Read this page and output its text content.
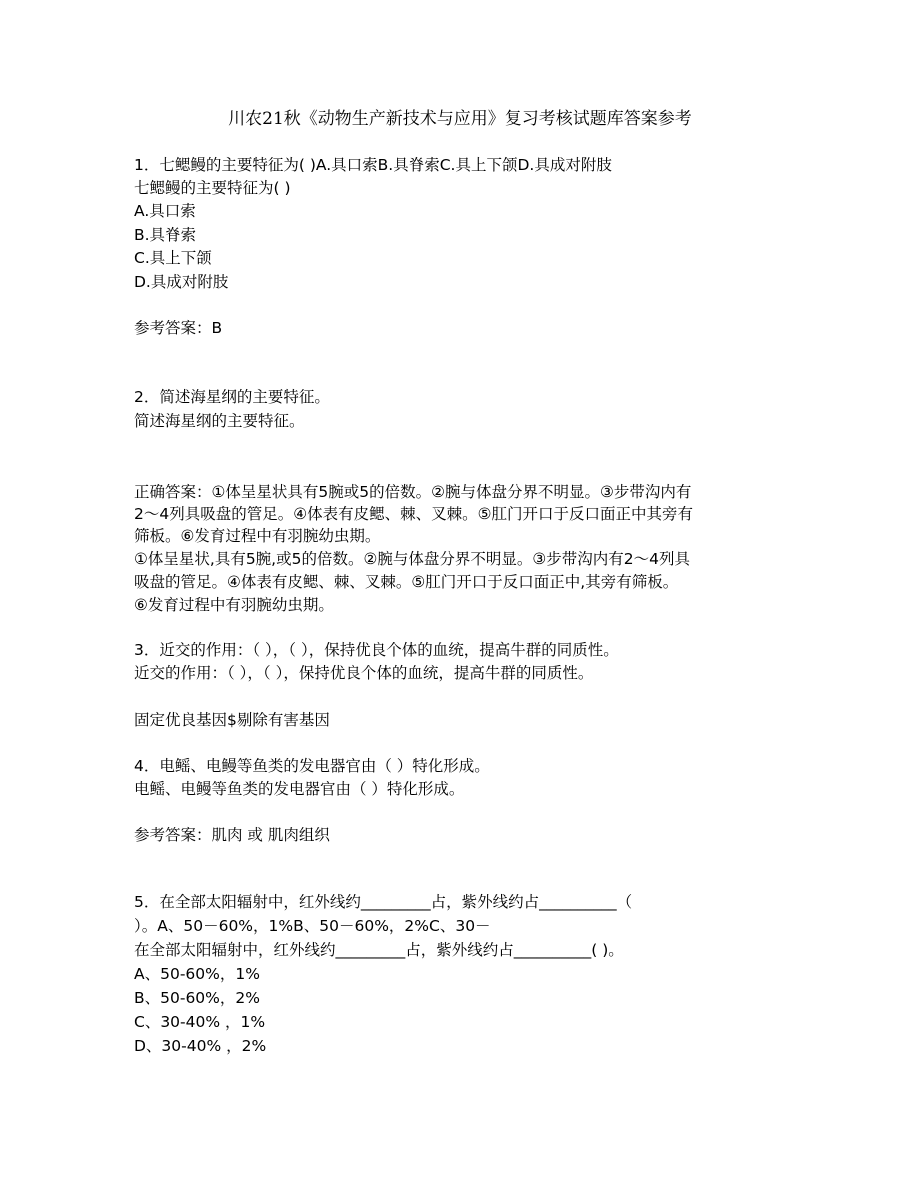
川农21秋《动物生产新技术与应用》复习考核试题库答案参考
1．七鳃鳗的主要特征为( )A.具口索B.具脊索C.具上下颌D.具成对附肢
七鳃鳗的主要特征为( )
A.具口索
B.具脊索
C.具上下颌
D.具成对附肢
参考答案：B
2．简述海星纲的主要特征。
简述海星纲的主要特征。
正确答案：①体呈星状具有5腕或5的倍数。②腕与体盘分界不明显。③步带沟内有
2～4列具吸盘的管足。④体表有皮鳃、棘、叉棘。⑤肛门开口于反口面正中其旁有
筛板。⑥发育过程中有羽腕幼虫期。
①体呈星状,具有5腕,或5的倍数。②腕与体盘分界不明显。③步带沟内有2～4列具
吸盘的管足。④体表有皮鳃、棘、叉棘。⑤肛门开口于反口面正中,其旁有筛板。
⑥发育过程中有羽腕幼虫期。
3．近交的作用：（ ），（ ），保持优良个体的血统，提高牛群的同质性。
近交的作用：（ ），（ ），保持优良个体的血统，提高牛群的同质性。
固定优良基因$剔除有害基因
4．电鳐、电鳗等鱼类的发电器官由（ ）特化形成。
电鳐、电鳗等鱼类的发电器官由（ ）特化形成。
参考答案：肌肉 或 肌肉组织
5．在全部太阳辐射中，红外线约_________占，紫外线约占__________（
）。A、50－60%，1%B、50－60%，2%C、30－
在全部太阳辐射中，红外线约_________占，紫外线约占__________( )。
A、50-60%，1%
B、50-60%，2%
C、30-40% ，1%
D、30-40% ，2%
